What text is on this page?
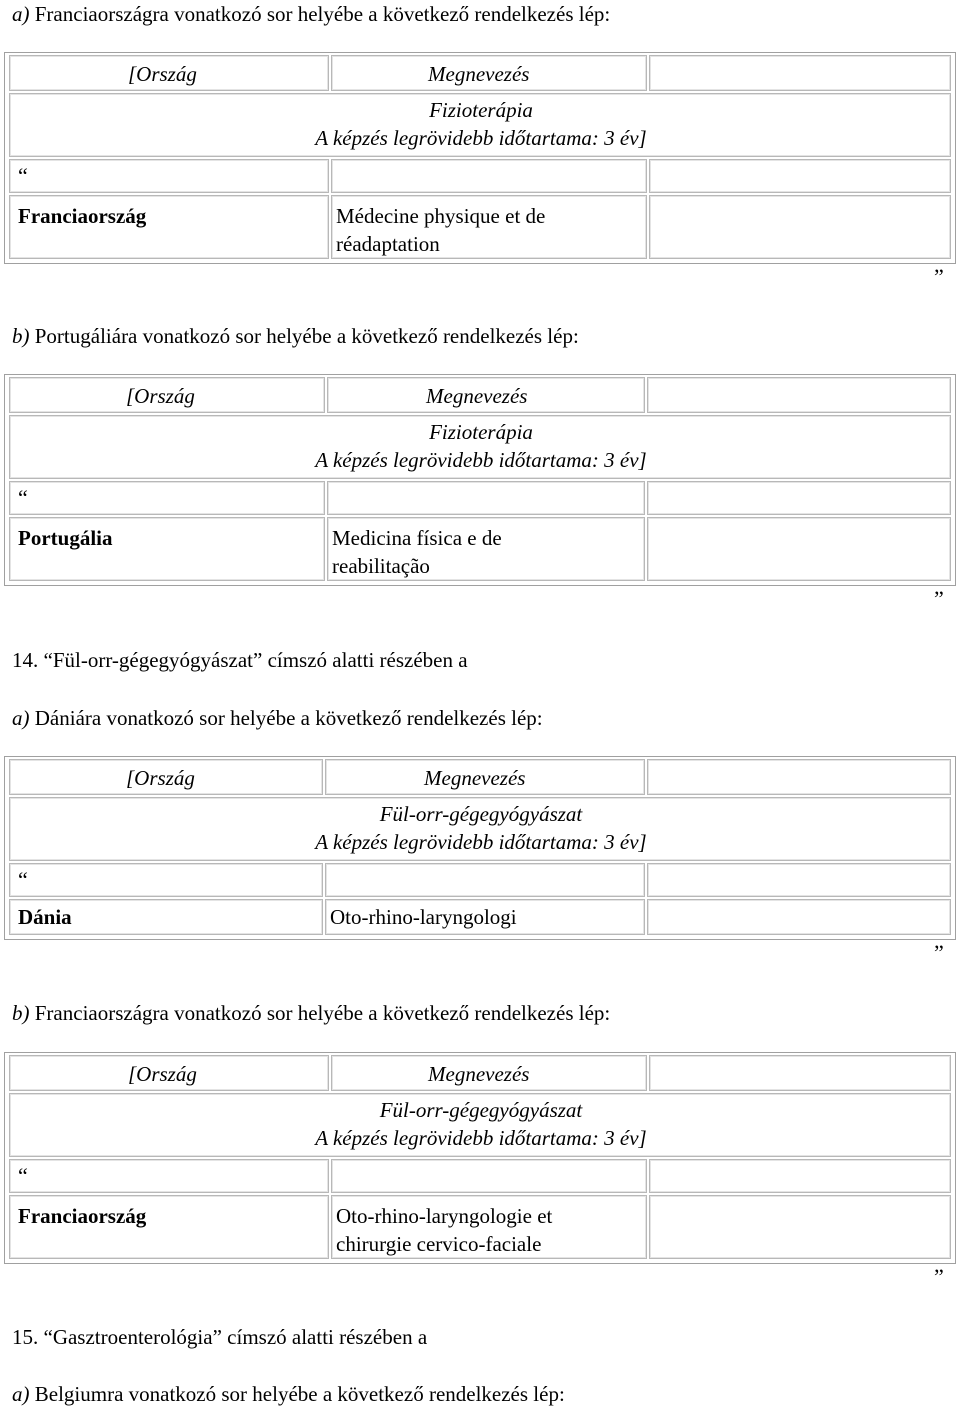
a) Franciaországra vonatkozó sor helyébe a következő rendelkezés lép:
[Ország	Megnevezés
Fizioterápia
A képzés legrövidebb időtartama: 3 év]
“
Franciaország	Médecine physique et de
réadaptation
”
b) Portugáliára vonatkozó sor helyébe a következő rendelkezés lép:
[Ország	Megnevezés
Fizioterápia
A képzés legrövidebb időtartama: 3 év]
“
Portugália	Medicina física e de
reabilitação
”
14. “Fül-orr-gégegyógyászat” címszó alatti részében a
a) Dániára vonatkozó sor helyébe a következő rendelkezés lép:
[Ország	Megnevezés
Fül-orr-gégegyógyászat
A képzés legrövidebb időtartama: 3 év]
“
Dánia	Oto-rhino-laryngologi
”
b) Franciaországra vonatkozó sor helyébe a következő rendelkezés lép:
[Ország	Megnevezés
Fül-orr-gégegyógyászat
A képzés legrövidebb időtartama: 3 év]
“
Franciaország	Oto-rhino-laryngologie et
chirurgie cervico-faciale
”
15. “Gasztroenterológia” címszó alatti részében a
a) Belgiumra vonatkozó sor helyébe a következő rendelkezés lép:
